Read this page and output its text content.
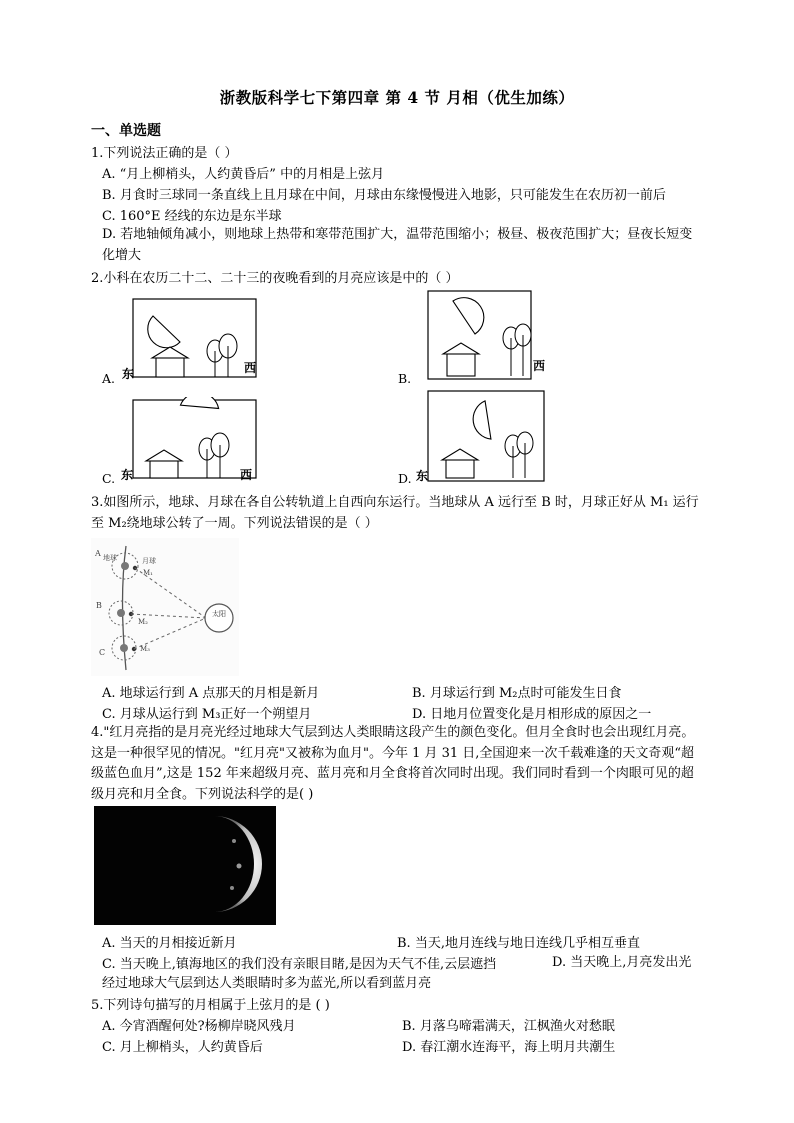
浙教版科学七下第四章 第 4 节 月相（优生加练）
一、单选题
1.下列说法正确的是（ ）
A. “月上柳梢头，人约黄昏后” 中的月相是上弦月
B. 月食时三球同一条直线上且月球在中间，月球由东缘慢慢进入地影，只可能发生在农历初一前后
C. 160°E 经线的东边是东半球
D. 若地轴倾角减小，则地球上热带和寒带范围扩大，温带范围缩小；极昼、极夜范围扩大；昼夜长短变化增大
2.小科在农历二十二、二十三的夜晚看到的月亮应该是中的（ ）
A. 东	西
B.
西
C. 东	西	D. 东
3.如图所示，地球、月球在各自公转轨道上自西向东运行。当地球从 A 远行至 B 时，月球正好从 M₁ 运行至 M₂绕地球公转了一周。下列说法错误的是（ ）
太阳
地球	月球
M₁
M₂
M₃
A
B
C
A. 地球运行到 A 点那天的月相是新月	B. 月球运行到 M₂点时可能发生日食
C. 月球从运行到 M₃正好一个朔望月	D. 日地月位置变化是月相形成的原因之一
4."红月亮指的是月亮光经过地球大气层到达人类眼睛这段产生的颜色变化。但月全食时也会出现红月亮。这是一种很罕见的情况。"红月亮"又被称为血月"。今年 1 月 31 日,全国迎来一次千载难逢的天文奇观“超级蓝色血月”,这是 152 年来超级月亮、蓝月亮和月全食将首次同时出现。我们同时看到一个肉眼可见的超级月亮和月全食。下列说法科学的是( )
A. 当天的月相接近新月	B. 当天,地月连线与地日连线几乎相互垂直
C. 当天晚上,镇海地区的我们没有亲眼目睹,是因为天气不佳,云层遮挡	D. 当天晚上,月亮发出光经过地球大气层到达人类眼睛时多为蓝光,所以看到蓝月亮
5.下列诗句描写的月相属于上弦月的是 ( )
A. 今宵酒醒何处?杨柳岸晓风残月	B. 月落乌啼霜满天，江枫渔火对愁眠
C. 月上柳梢头，人约黄昏后	D. 春江潮水连海平，海上明月共潮生
